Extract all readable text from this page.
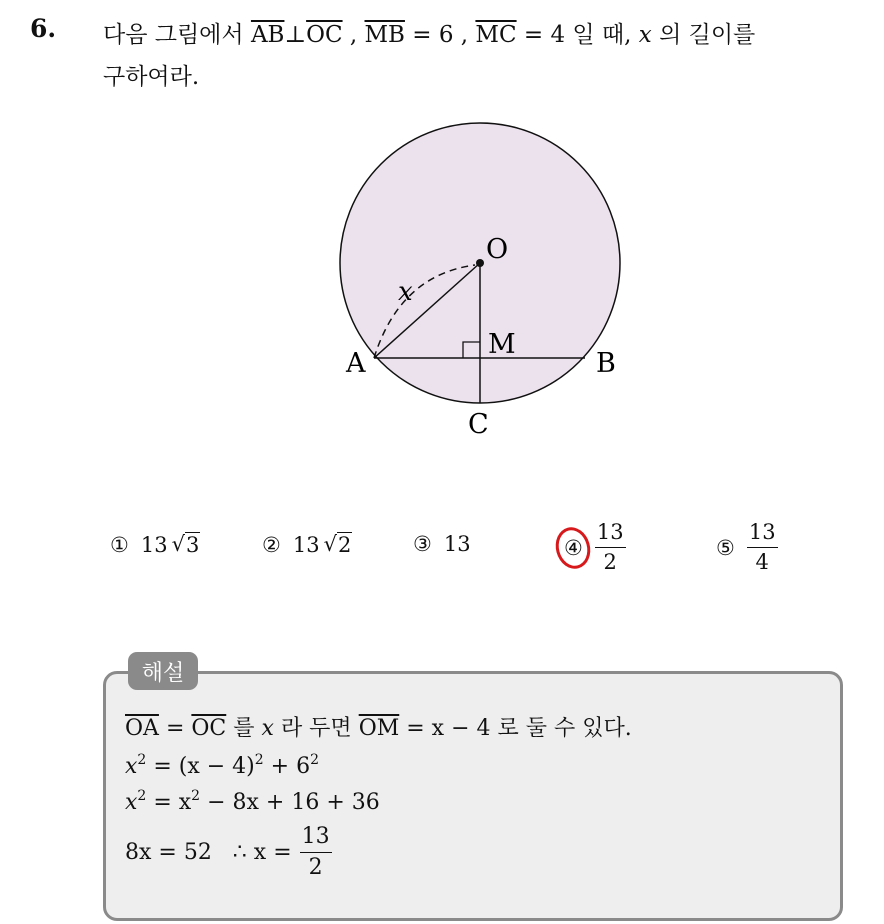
6. 다음 그림에서 $\overline{AB}\perp\overline{OC}$ , $\overline{MB} = 6$ , $\overline{MC} = 4$ 일 때, x 의 길이를
구하여라.
O
A	B
C
M
x
① 13 √ 3	② 13 √ 2	③ 13	④ $\frac{13}{2}$	⑤ $\frac{13}{4}$
해설
$\overline{OA} = \overline{OC}$ 를 x 라 두면 $\overline{OM} = x - 4$ 로 둘 수 있다.
$x^2 = (x - 4)^2 + 6^2$
$x^2 = x^2 - 8x + 16 + 36$
8x = 52   ∴ $x = \frac{13}{2}$
